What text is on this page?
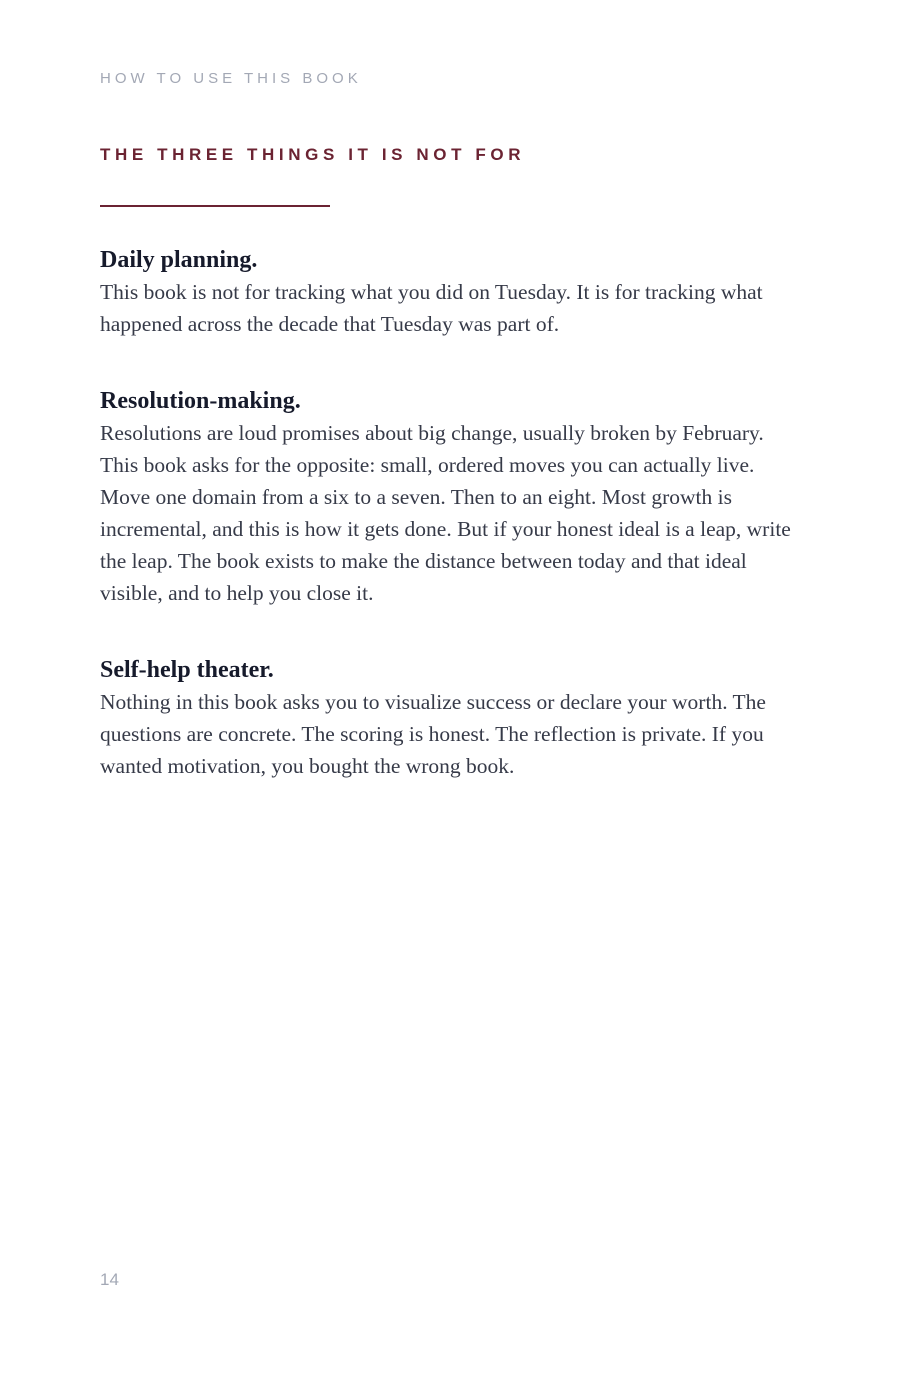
HOW TO USE THIS BOOK
THE THREE THINGS IT IS NOT FOR

Daily planning.

This book is not for tracking what you did on Tuesday. It is for tracking what happened across the decade that Tuesday was part of.

Resolution-making.

Resolutions are loud promises about big change, usually broken by February. This book asks for the opposite: small, ordered moves you can actually live. Move one domain from a six to a seven. Then to an eight. Most growth is incremental, and this is how it gets done. But if your honest ideal is a leap, write the leap. The book exists to make the distance between today and that ideal visible, and to help you close it.

Self-help theater.

Nothing in this book asks you to visualize success or declare your worth. The questions are concrete. The scoring is honest. The reflection is private. If you wanted motivation, you bought the wrong book.

14
